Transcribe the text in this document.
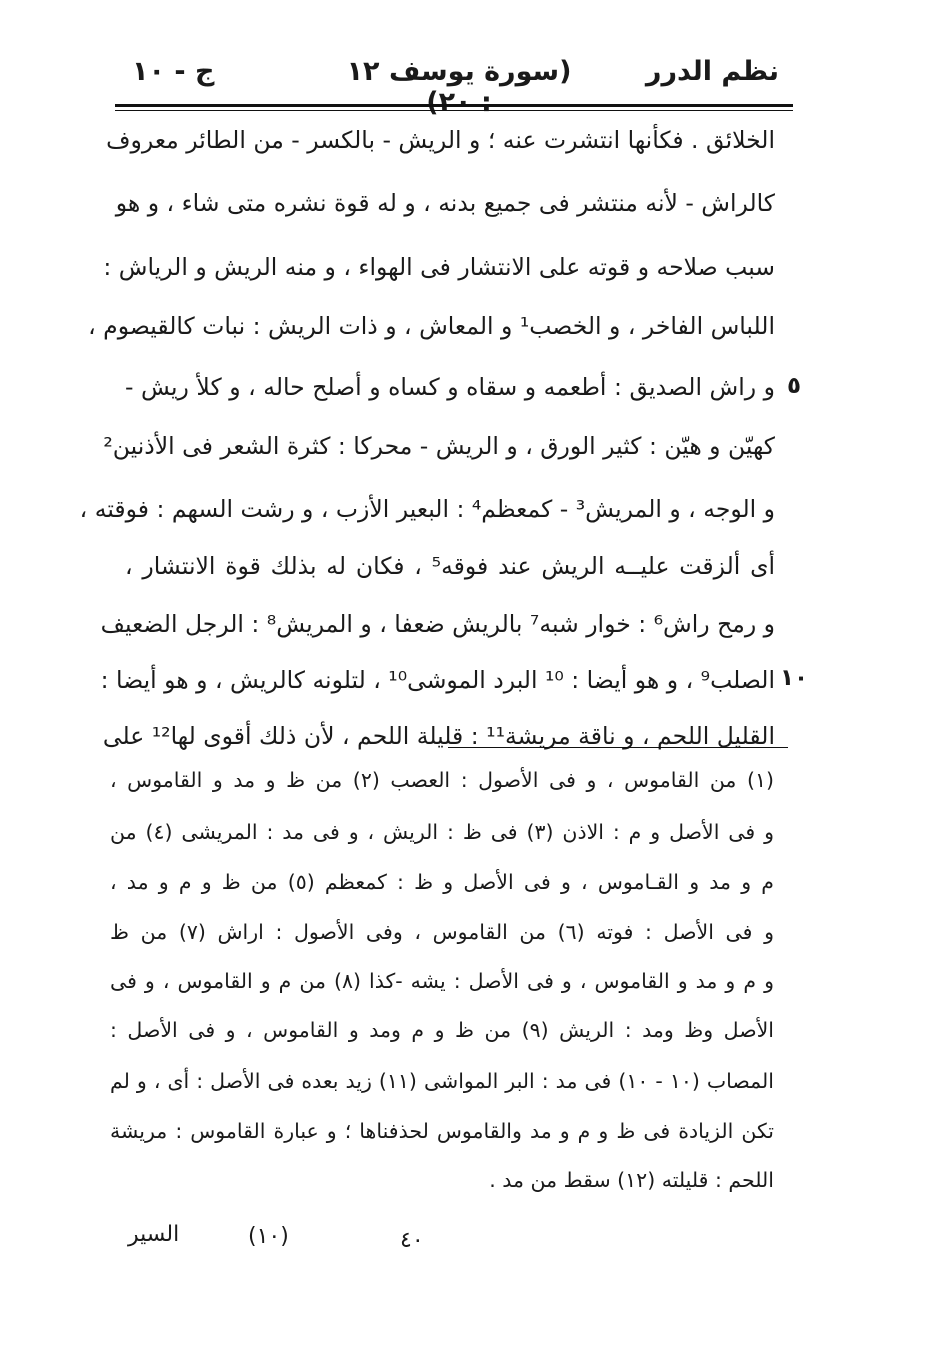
نظم الدرر
(سورة يوسف ١٢ : ٢٠)
ج - ١٠
الخلائق . فكأنها انتشرت عنه ؛ و الريش - بالكسر - من الطائر معروف
كالراش - لأنه منتشر فى جميع بدنه ، و له قوة نشره متى شاء ، و هو
سبب صلاحه و قوته على الانتشار فى الهواء ، و منه الريش و الرياش :
اللباس الفاخر ، و الخصب¹ و المعاش ، و ذات الريش : نبات كالقيصوم ،
و راش الصديق : أطعمه و سقاه و كساه و أصلح حاله ، و كلأ ريش -
كهيّن و هيّن : كثير الورق ، و الريش - محركا : كثرة الشعر فى الأذنين²
و الوجه ، و المريش³ - كمعظم⁴ : البعير الأزب ، و رشت السهم : فوقته ،
أى ألزقت عليــه الريش عند فوقه⁵ ، فكان له بذلك قوة الانتشار ،
و رمح راش⁶ : خوار شبه⁷ بالريش ضعفا ، و المريش⁸ : الرجل الضعيف
الصلب⁹ ، و هو أيضا : ¹⁰ البرد الموشى¹⁰ ، لتلونه كالريش ، و هو أيضا :
القليل اللحم ، و ناقة مريشة¹¹ : قليلة اللحم ، لأن ذلك أقوى لها¹² على
٥
١٠
(١) من القاموس ، و فى الأصول : العصب (٢) من ظ و مد و القاموس ،
و فى الأصل و م : الاذن (٣) فى ظ : الريش ، و فى مد : المريشى (٤) من
م و مد و القـاموس ، و فى الأصل و ظ : كمعظم (٥) من ظ و م و مد ،
و فى الأصل : فوته (٦) من القاموس ، وفى الأصول : اراش (٧) من ظ
و م و مد و القاموس ، و فى الأصل : يشه -كذا (٨) من م و القاموس ، و فى
الأصل وظ ومد : الريش (٩) من ظ و م ومد و القاموس ، و فى الأصل :
المصاب (١٠ - ١٠) فى مد : البر المواشى (١١) زيد بعده فى الأصل : أى ، و لم
تكن الزيادة فى ظ و م و مد والقاموس لحذفناها ؛ و عبارة القاموس : مريشة
اللحم : قليلته (١٢) سقط من مد .
٤٠
(١٠)
السير
